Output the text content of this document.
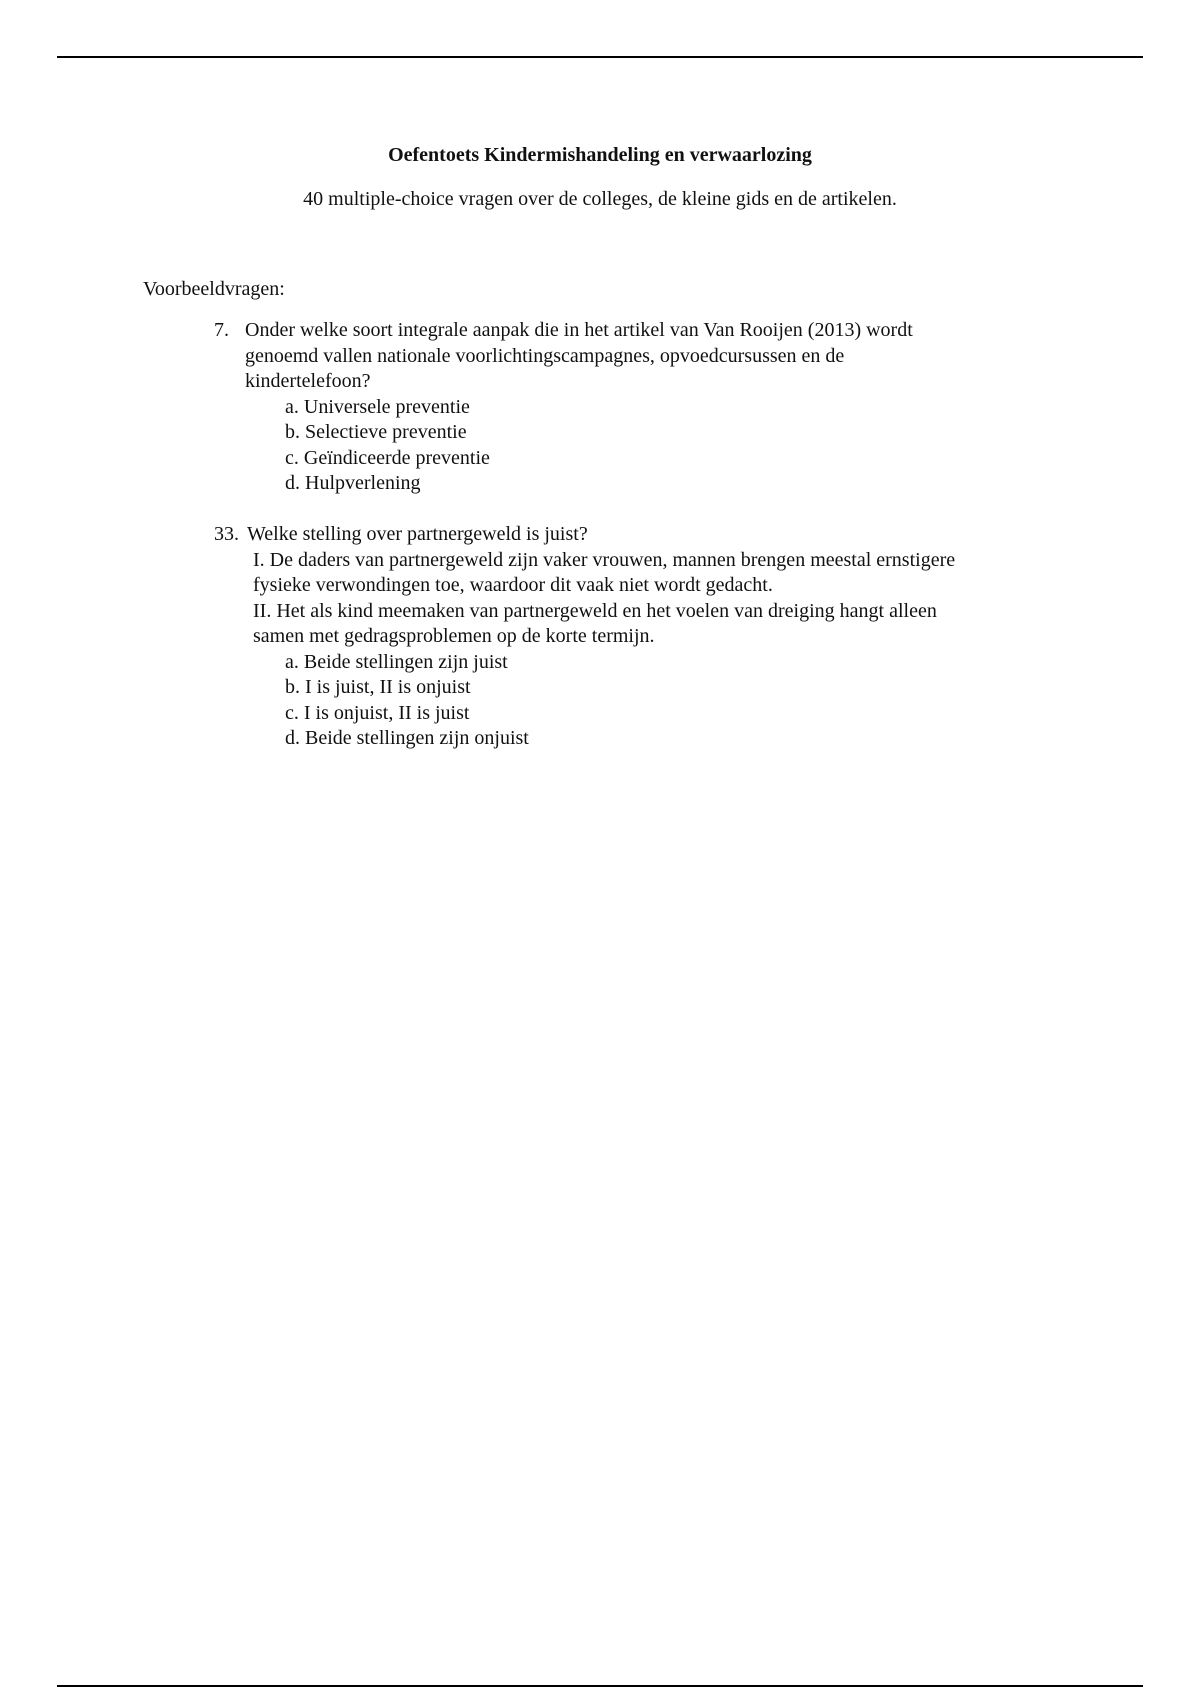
Oefentoets Kindermishandeling en verwaarlozing
40 multiple-choice vragen over de colleges, de kleine gids en de artikelen.
Voorbeeldvragen:
7. Onder welke soort integrale aanpak die in het artikel van Van Rooijen (2013) wordt
genoemd vallen nationale voorlichtingscampagnes, opvoedcursussen en de
kindertelefoon?
a. Universele preventie
b. Selectieve preventie
c. Geïndiceerde preventie
d. Hulpverlening
33. Welke stelling over partnergeweld is juist?
I. De daders van partnergeweld zijn vaker vrouwen, mannen brengen meestal ernstigere
fysieke verwondingen toe, waardoor dit vaak niet wordt gedacht.
II. Het als kind meemaken van partnergeweld en het voelen van dreiging hangt alleen
samen met gedragsproblemen op de korte termijn.
a. Beide stellingen zijn juist
b. I is juist, II is onjuist
c. I is onjuist, II is juist
d. Beide stellingen zijn onjuist
